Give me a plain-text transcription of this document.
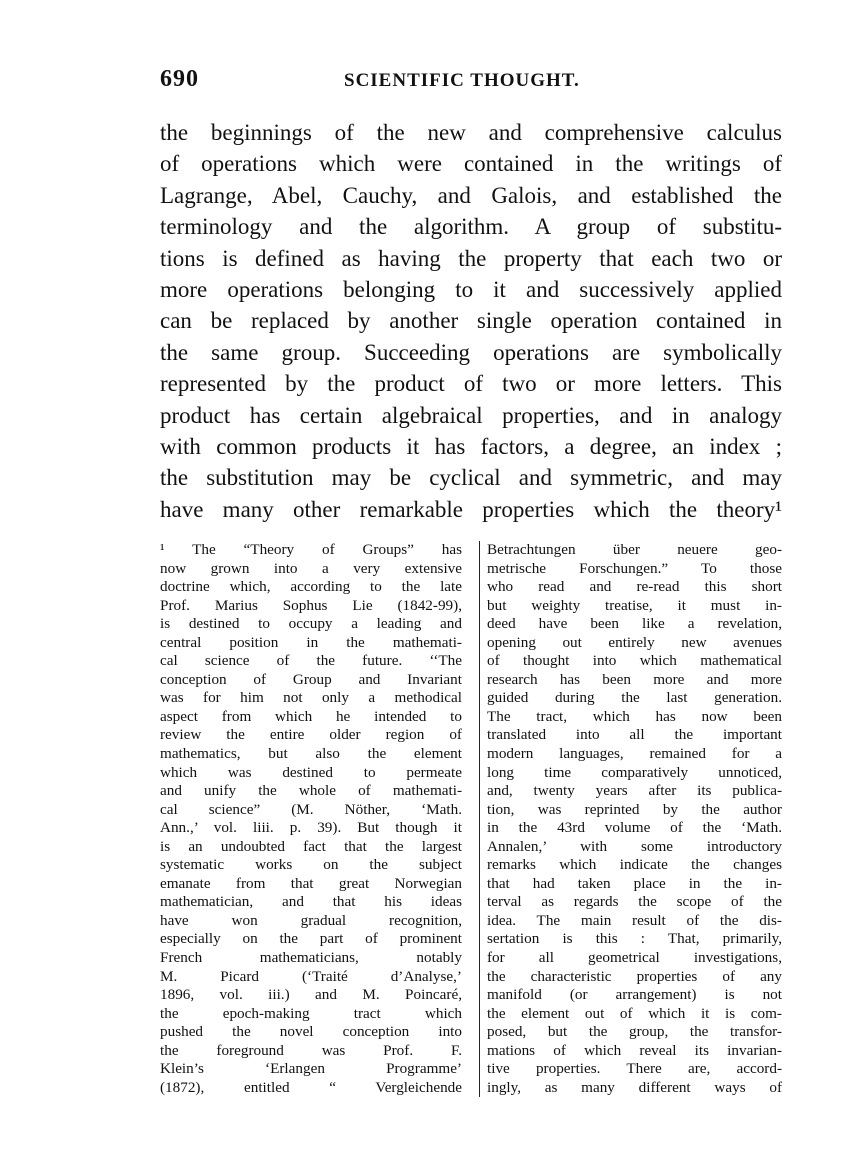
690	SCIENTIFIC THOUGHT.
the beginnings of the new and comprehensive calculus
of operations which were contained in the writings of
Lagrange, Abel, Cauchy, and Galois, and established the
terminology and the algorithm. A group of substitu-
tions is defined as having the property that each two or
more operations belonging to it and successively applied
can be replaced by another single operation contained in
the same group. Succeeding operations are symbolically
represented by the product of two or more letters. This
product has certain algebraical properties, and in analogy
with common products it has factors, a degree, an index ;
the substitution may be cyclical and symmetric, and may
have many other remarkable properties which the theory¹
¹ The “Theory of Groups” has
now grown into a very extensive
doctrine which, according to the late
Prof. Marius Sophus Lie (1842-99),
is destined to occupy a leading and
central position in the mathemati-
cal science of the future. ‘‘The
conception of Group and Invariant
was for him not only a methodical
aspect from which he intended to
review the entire older region of
mathematics, but also the element
which was destined to permeate
and unify the whole of mathemati-
cal science” (M. Nöther, ‘Math.
Ann.,’ vol. liii. p. 39). But though it
is an undoubted fact that the largest
systematic works on the subject
emanate from that great Norwegian
mathematician, and that his ideas
have won gradual recognition,
especially on the part of prominent
French mathematicians, notably
M. Picard (‘Traité d’Analyse,’
1896, vol. iii.) and M. Poincaré,
the epoch-making tract which
pushed the novel conception into
the foreground was Prof. F.
Klein’s ‘Erlangen Programme’
(1872), entitled “ Vergleichende
Betrachtungen über neuere geo-
metrische Forschungen.” To those
who read and re-read this short
but weighty treatise, it must in-
deed have been like a revelation,
opening out entirely new avenues
of thought into which mathematical
research has been more and more
guided during the last generation.
The tract, which has now been
translated into all the important
modern languages, remained for a
long time comparatively unnoticed,
and, twenty years after its publica-
tion, was reprinted by the author
in the 43rd volume of the ‘Math.
Annalen,’ with some introductory
remarks which indicate the changes
that had taken place in the in-
terval as regards the scope of the
idea. The main result of the dis-
sertation is this : That, primarily,
for all geometrical investigations,
the characteristic properties of any
manifold (or arrangement) is not
the element out of which it is com-
posed, but the group, the transfor-
mations of which reveal its invarian-
tive properties. There are, accord-
ingly, as many different ways of
